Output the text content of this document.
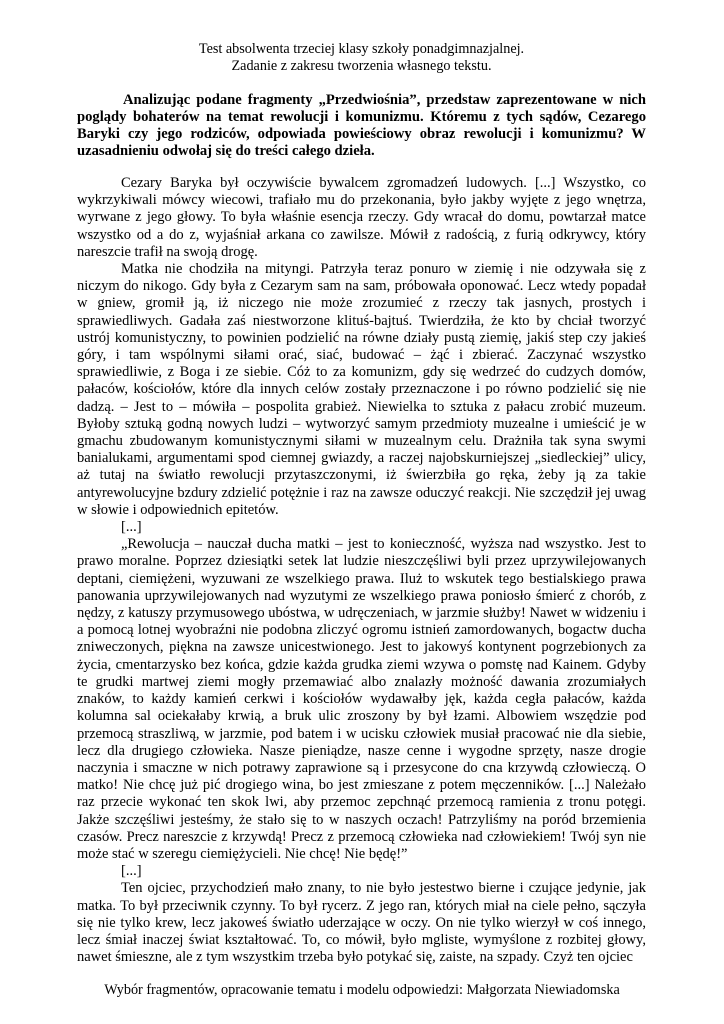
Test absolwenta trzeciej klasy szkoły ponadgimnazjalnej.
Zadanie z zakresu tworzenia własnego tekstu.
Analizując podane fragmenty „Przedwiośnia”, przedstaw zaprezentowane w nich poglądy bohaterów na temat rewolucji i komunizmu. Któremu z tych sądów, Cezarego Baryki czy jego rodziców, odpowiada powieściowy obraz rewolucji i komunizmu? W uzasadnieniu odwołaj się do treści całego dzieła.

Cezary Baryka był oczywiście bywalcem zgromadzeń ludowych. [...] Wszystko, co wykrzykiwali mówcy wiecowi, trafiało mu do przekonania, było jakby wyjęte z jego wnętrza, wyrwane z jego głowy. To była właśnie esencja rzeczy. Gdy wracał do domu, powtarzał matce wszystko od a do z, wyjaśniał arkana co zawilsze. Mówił z radością, z furią odkrywcy, który nareszcie trafił na swoją drogę.

Matka nie chodziła na mityngi. Patrzyła teraz ponuro w ziemię i nie odzywała się z niczym do nikogo. Gdy była z Cezarym sam na sam, próbowała oponować. Lecz wtedy popadał w gniew, gromił ją, iż niczego nie może zrozumieć z rzeczy tak jasnych, prostych i sprawiedliwych. Gadała zaś niestworzone klituś-bajtuś. Twierdziła, że kto by chciał tworzyć ustrój komunistyczny, to powinien podzielić na równe działy pustą ziemię, jakiś step czy jakieś góry, i tam wspólnymi siłami orać, siać, budować – żąć i zbierać. Zaczynać wszystko sprawiedliwie, z Boga i ze siebie. Cóż to za komunizm, gdy się wedrzeć do cudzych domów, pałaców, kościołów, które dla innych celów zostały przeznaczone i po równo podzielić się nie dadzą. – Jest to – mówiła – pospolita grabież. Niewielka to sztuka z pałacu zrobić muzeum. Byłoby sztuką godną nowych ludzi – wytworzyć samym przedmioty muzealne i umieścić je w gmachu zbudowanym komunistycznymi siłami w muzealnym celu. Drażniła tak syna swymi banialukami, argumentami spod ciemnej gwiazdy, a raczej najobskurniejszej „siedleckiej” ulicy, aż tutaj na światło rewolucji przytaszczonymi, iż świerzbiła go ręka, żeby ją za takie antyrewolucyjne bzdury zdzielić potężnie i raz na zawsze oduczyć reakcji. Nie szczędził jej uwag w słowie i odpowiednich epitetów.

[...]

„Rewolucja – nauczał ducha matki – jest to konieczność, wyższa nad wszystko. Jest to prawo moralne. Poprzez dziesiątki setek lat ludzie nieszczęśliwi byli przez uprzywilejowanych deptani, ciemiężeni, wyzuwani ze wszelkiego prawa. Iluż to wskutek tego bestialskiego prawa panowania uprzywilejowanych nad wyzutymi ze wszelkiego prawa poniosło śmierć z chorób, z nędzy, z katuszy przymusowego ubóstwa, w udręczeniach, w jarzmie służby! Nawet w widzeniu i a pomocą lotnej wyobraźni nie podobna zliczyć ogromu istnień zamordowanych, bogactw ducha zniweczonych, piękna na zawsze unicestwionego. Jest to jakowyś kontynent pogrzebionych za życia, cmentarzysko bez końca, gdzie każda grudka ziemi wzywa o pomstę nad Kainem. Gdyby te grudki martwej ziemi mogły przemawiać albo znalazły możność dawania zrozumiałych znaków, to każdy kamień cerkwi i kościołów wydawałby jęk, każda cegła pałaców, każda kolumna sal ociekałaby krwią, a bruk ulic zroszony by był łzami. Albowiem wszędzie pod przemocą straszliwą, w jarzmie, pod batem i w ucisku człowiek musiał pracować nie dla siebie, lecz dla drugiego człowieka. Nasze pieniądze, nasze cenne i wygodne sprzęty, nasze drogie naczynia i smaczne w nich potrawy zaprawione są i przesycone do cna krzywdą człowieczą. O matko! Nie chcę już pić drogiego wina, bo jest zmieszane z potem męczenników. [...] Należało raz przecie wykonać ten skok lwi, aby przemoc zepchnąć przemocą ramienia z tronu potęgi. Jakże szczęśliwi jesteśmy, że stało się to w naszych oczach! Patrzyliśmy na poród brzemienia czasów. Precz nareszcie z krzywdą! Precz z przemocą człowieka nad człowiekiem! Twój syn nie może stać w szeregu ciemiężycieli. Nie chcę! Nie będę!”

[...]

Ten ojciec, przychodzień mało znany, to nie było jestestwo bierne i czujące jedynie, jak matka. To był przeciwnik czynny. To był rycerz. Z jego ran, których miał na ciele pełno, sączyła się nie tylko krew, lecz jakoweś światło uderzające w oczy. On nie tylko wierzył w coś innego, lecz śmiał inaczej świat kształtować. To, co mówił, było mgliste, wymyślone z rozbitej głowy, nawet śmieszne, ale z tym wszystkim trzeba było potykać się, zaiste, na szpady. Czyż ten ojciec

Wybór fragmentów, opracowanie tematu i modelu odpowiedzi: Małgorzata Niewiadomska
